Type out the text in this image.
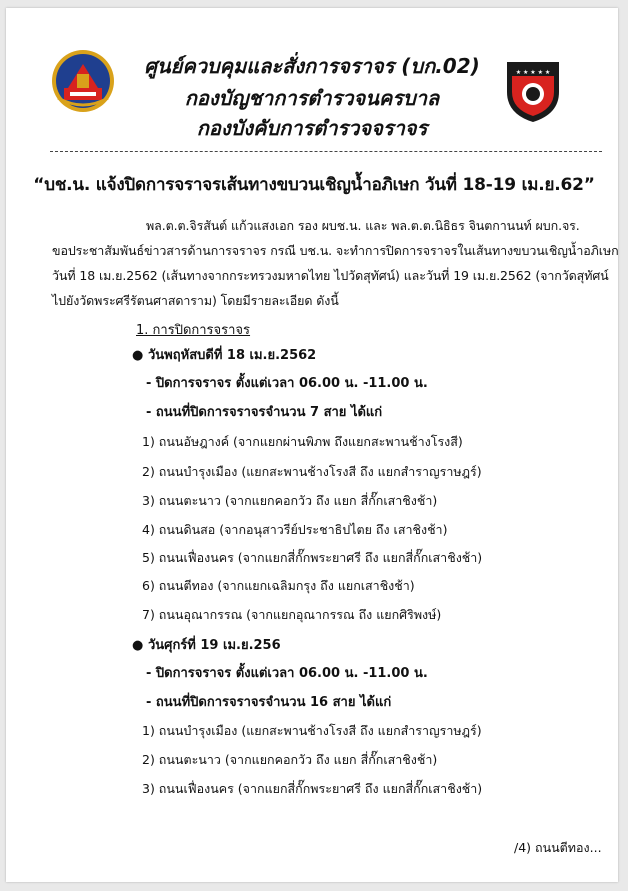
ศูนย์ควบคุมและสั่งการจราจร (บก.02)
กองบัญชาการตำรวจนครบาล
กองบังคับการตำรวจจราจร
★ ★ ★ ★ ★
“บช.น. แจ้งปิดการจราจรเส้นทางขบวนเชิญน้ำอภิเษก วันที่ 18-19 เม.ย.62”
พล.ต.ต.จิรสันต์ แก้วแสงเอก รอง ผบช.น. และ พล.ต.ต.นิธิธร จินตกานนท์ ผบก.จร.
ขอประชาสัมพันธ์ข่าวสารด้านการจราจร กรณี บช.น. จะทำการปิดการจราจรในเส้นทางขบวนเชิญน้ำอภิเษก
วันที่ 18 เม.ย.2562 (เส้นทางจากกระทรวงมหาดไทย ไปวัดสุทัศน์) และวันที่ 19 เม.ย.2562 (จากวัดสุทัศน์
ไปยังวัดพระศรีรัตนศาสดาราม) โดยมีรายละเอียด ดังนี้
1. การปิดการจราจร
● วันพฤหัสบดีที่ 18 เม.ย.2562
- ปิดการจราจร ตั้งแต่เวลา 06.00 น. -11.00 น.
- ถนนที่ปิดการจราจรจำนวน 7 สาย ได้แก่
1) ถนนอัษฎางค์ (จากแยกผ่านพิภพ ถึงแยกสะพานช้างโรงสี)
2) ถนนบำรุงเมือง (แยกสะพานช้างโรงสี ถึง แยกสำราญราษฎร์)
3) ถนนตะนาว (จากแยกคอกวัว ถึง แยก สี่กั๊กเสาชิงช้า)
4) ถนนดินสอ (จากอนุสาวรีย์ประชาธิปไตย ถึง เสาชิงช้า)
5) ถนนเฟื่องนคร (จากแยกสี่กั๊กพระยาศรี ถึง แยกสี่กั๊กเสาชิงช้า)
6) ถนนตีทอง (จากแยกเฉลิมกรุง ถึง แยกเสาชิงช้า)
7) ถนนอุณากรรณ (จากแยกอุณากรรณ ถึง แยกศิริพงษ์)
● วันศุกร์ที่ 19 เม.ย.256
- ปิดการจราจร ตั้งแต่เวลา 06.00 น. -11.00 น.
- ถนนที่ปิดการจราจรจำนวน 16 สาย ได้แก่
1) ถนนบำรุงเมือง (แยกสะพานช้างโรงสี ถึง แยกสำราญราษฎร์)
2) ถนนตะนาว (จากแยกคอกวัว ถึง แยก สี่กั๊กเสาชิงช้า)
3) ถนนเฟื่องนคร (จากแยกสี่กั๊กพระยาศรี ถึง แยกสี่กั๊กเสาชิงช้า)
/4) ถนนตีทอง...
